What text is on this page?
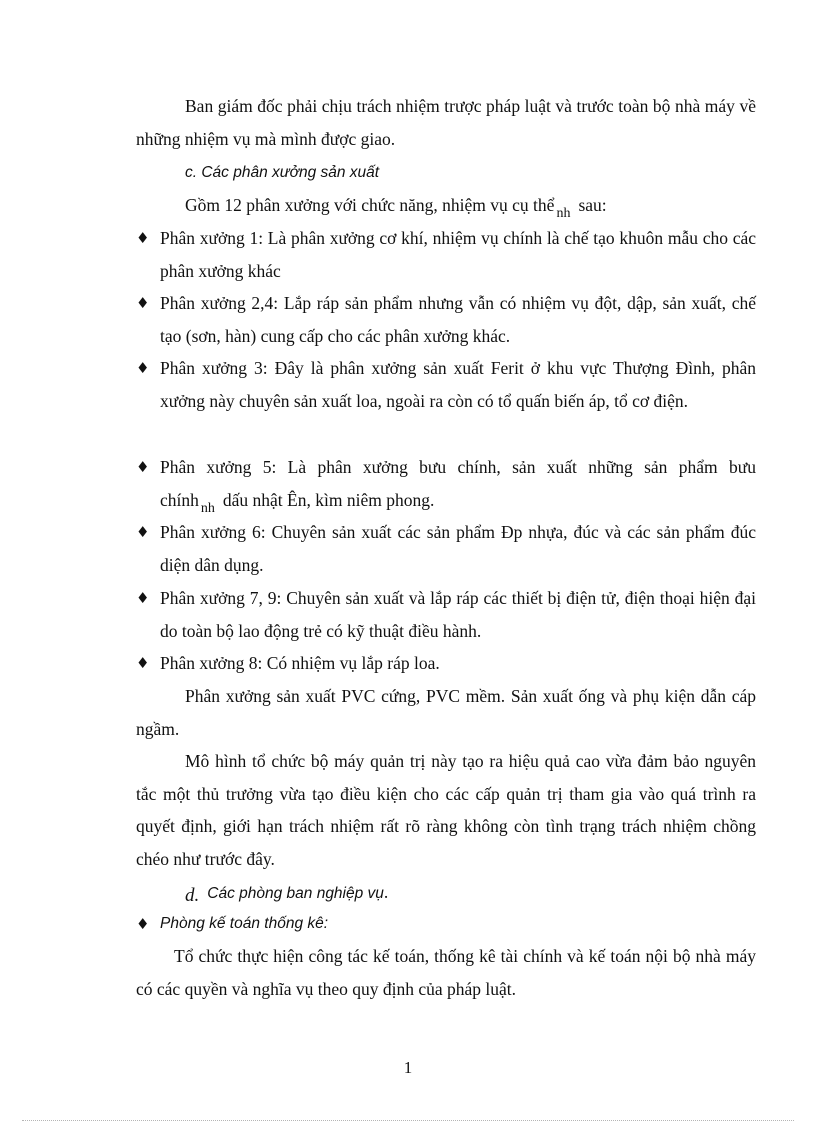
Ban giám đốc phải chịu trách nhiệm trược pháp luật và trước toàn bộ nhà máy về những nhiệm vụ mà mình được giao.

c. Các phân xưởng sản xuất

Gồm 12 phân xưởng với chức năng, nhiệm vụ cụ thể $_{nh}$ sau:

♦ Phân xưởng 1: Là phân xưởng cơ khí, nhiệm vụ chính là chế tạo khuôn mẫu cho các phân xưởng khác
♦ Phân xưởng 2,4: Lắp ráp sản phẩm nhưng vẫn có nhiệm vụ đột, dập, sản xuất, chế tạo (sơn, hàn) cung cấp cho các phân xưởng khác.
♦ Phân xưởng 3: Đây là phân xưởng sản xuất Ferit ở khu vực Thượng Đình, phân xưởng này chuyên sản xuất loa, ngoài ra còn có tổ quấn biến áp, tổ cơ điện.
♦ Phân xưởng 5: Là phân xưởng bưu chính, sản xuất những sản phẩm bưu chính $_{nh}$ dấu nhật Ên, kìm niêm phong.
♦ Phân xưởng 6: Chuyên sản xuất các sản phẩm Đp nhựa, đúc và các sản phẩm đúc diện dân dụng.
♦ Phân xưởng 7, 9: Chuyên sản xuất và lắp ráp các thiết bị điện tử, điện thoại hiện đại do toàn bộ lao động trẻ có kỹ thuật điều hành.
♦ Phân xưởng 8: Có nhiệm vụ lắp ráp loa.

Phân xưởng sản xuất PVC cứng, PVC mềm. Sản xuất ống và phụ kiện dẫn cáp ngầm.

Mô hình tổ chức bộ máy quản trị này tạo ra hiệu quả cao vừa đảm bảo nguyên tắc một thủ trưởng vừa tạo điều kiện cho các cấp quản trị tham gia vào quá trình ra quyết định, giới hạn trách nhiệm rất rõ ràng không còn tình trạng trách nhiệm chồng chéo như trước đây.

d. Các phòng ban nghiệp vụ.

♦ Phòng kế toán thống kê:

Tổ chức thực hiện công tác kế toán, thống kê tài chính và kế toán nội bộ nhà máy có các quyền và nghĩa vụ theo quy định của pháp luật.

1
